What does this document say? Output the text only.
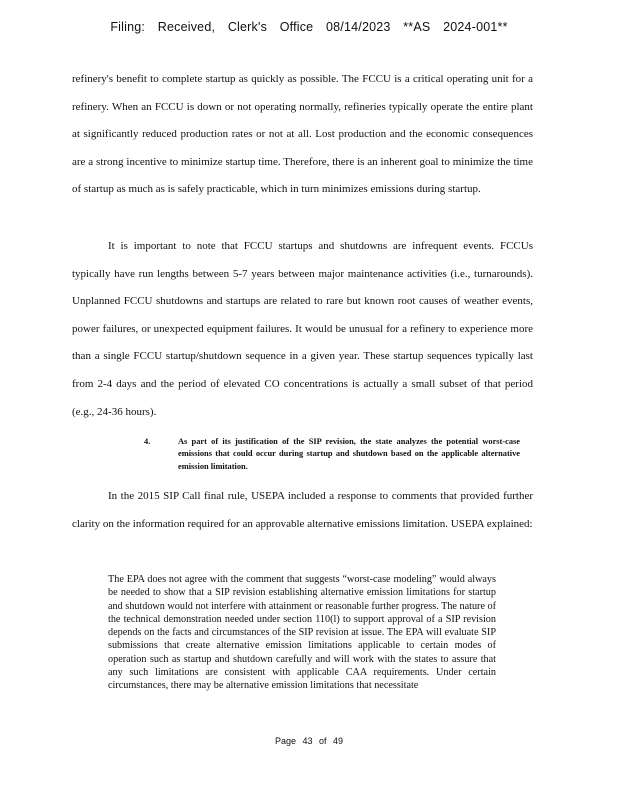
Filing: Received, Clerk's Office 08/14/2023 **AS 2024-001**

refinery's benefit to complete startup as quickly as possible. The FCCU is a critical operating unit for a refinery. When an FCCU is down or not operating normally, refineries typically operate the entire plant at significantly reduced production rates or not at all. Lost production and the economic consequences are a strong incentive to minimize startup time. Therefore, there is an inherent goal to minimize the time of startup as much as is safely practicable, which in turn minimizes emissions during startup.

It is important to note that FCCU startups and shutdowns are infrequent events. FCCUs typically have run lengths between 5-7 years between major maintenance activities (i.e., turnarounds). Unplanned FCCU shutdowns and startups are related to rare but known root causes of weather events, power failures, or unexpected equipment failures. It would be unusual for a refinery to experience more than a single FCCU startup/shutdown sequence in a given year. These startup sequences typically last from 2-4 days and the period of elevated CO concentrations is actually a small subset of that period (e.g., 24-36 hours).

4.	As part of its justification of the SIP revision, the state analyzes the potential worst-case emissions that could occur during startup and shutdown based on the applicable alternative emission limitation.

In the 2015 SIP Call final rule, USEPA included a response to comments that provided further clarity on the information required for an approvable alternative emissions limitation. USEPA explained:

The EPA does not agree with the comment that suggests “worst-case modeling” would always be needed to show that a SIP revision establishing alternative emission limitations for startup and shutdown would not interfere with attainment or reasonable further progress. The nature of the technical demonstration needed under section 110(l) to support approval of a SIP revision depends on the facts and circumstances of the SIP revision at issue. The EPA will evaluate SIP submissions that create alternative emission limitations applicable to certain modes of operation such as startup and shutdown carefully and will work with the states to assure that any such limitations are consistent with applicable CAA requirements. Under certain circumstances, there may be alternative emission limitations that necessitate

Page 43 of 49
